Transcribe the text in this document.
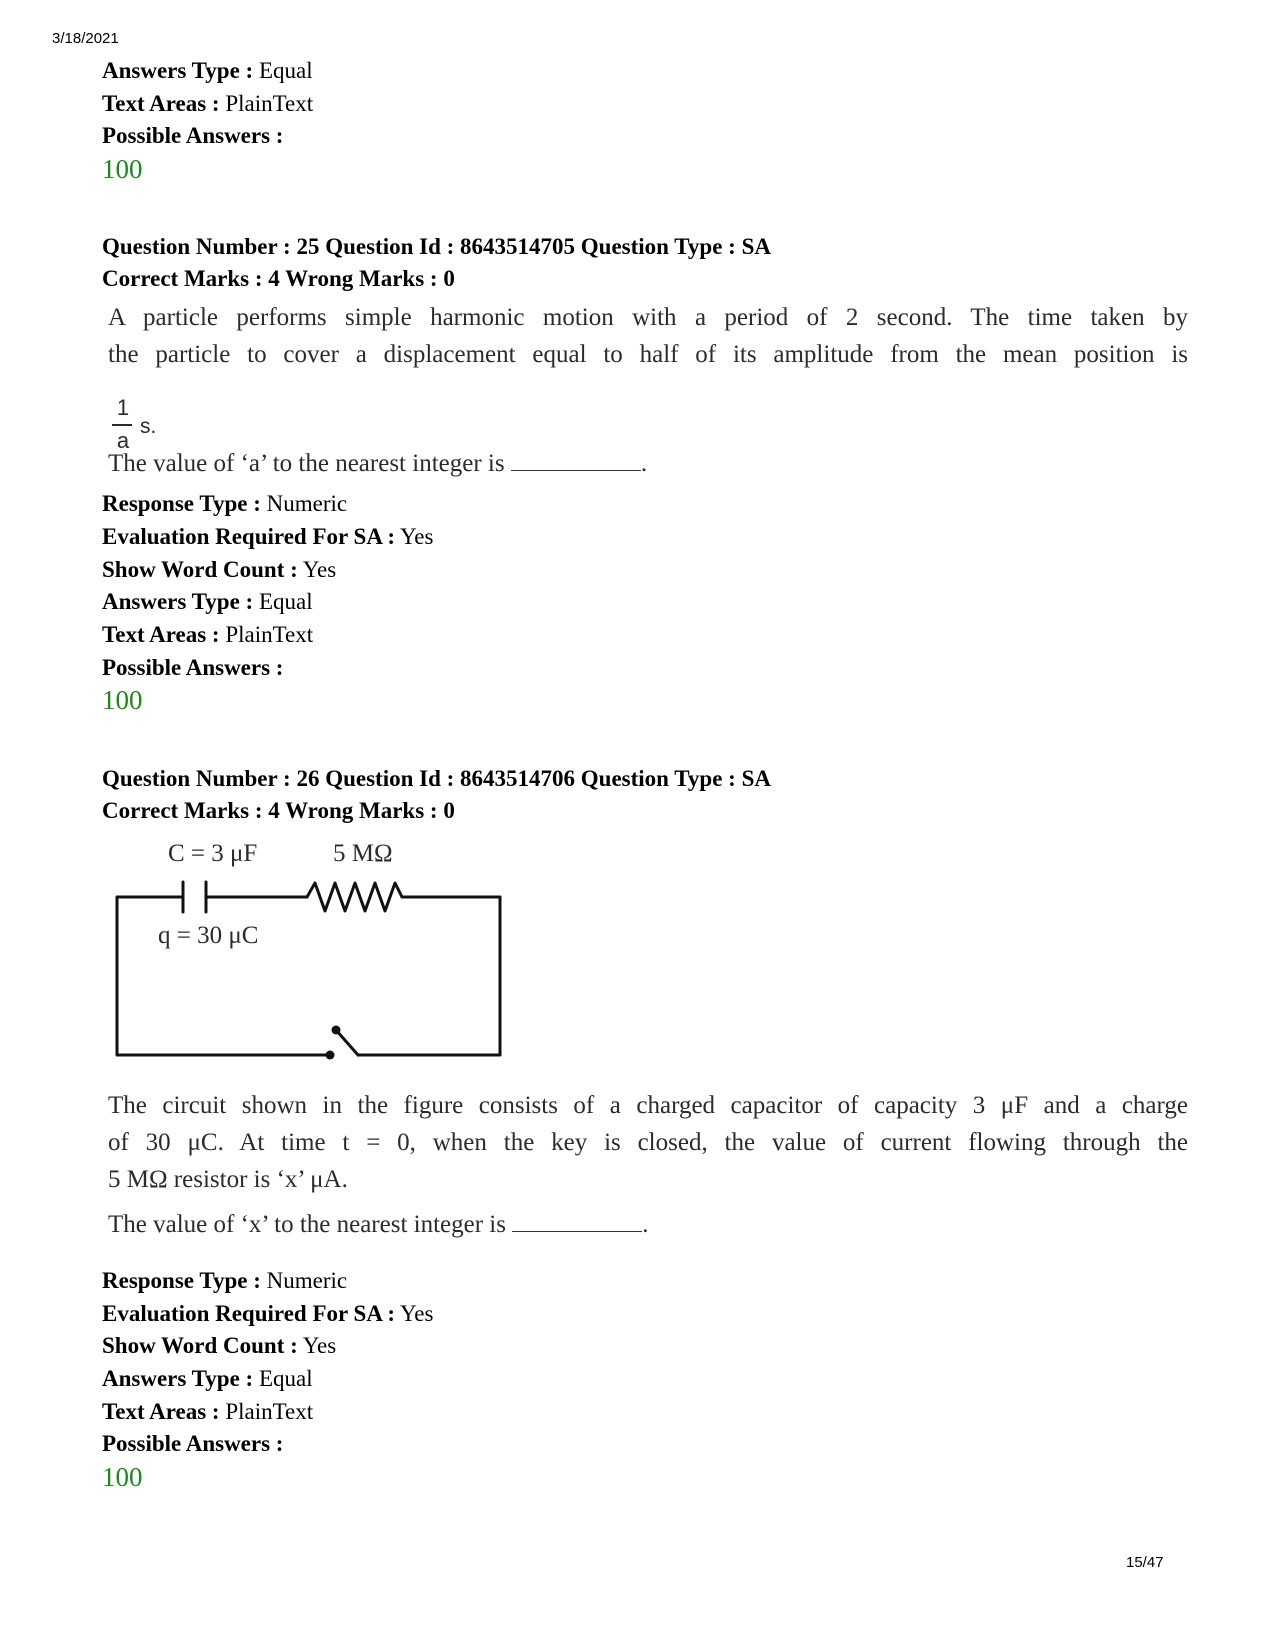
3/18/2021
Answers Type : Equal
Text Areas : PlainText
Possible Answers :
100
Question Number : 25 Question Id : 8643514705 Question Type : SA
Correct Marks : 4 Wrong Marks : 0
A particle performs simple harmonic motion with a period of 2 second. The time taken by
the particle to cover a displacement equal to half of its amplitude from the mean position is
1
a
s.
The value of ‘a’ to the nearest integer is	.
Response Type : Numeric
Evaluation Required For SA : Yes
Show Word Count : Yes
Answers Type : Equal
Text Areas : PlainText
Possible Answers :
100
Question Number : 26 Question Id : 8643514706 Question Type : SA
Correct Marks : 4 Wrong Marks : 0
C = 3 μF	5 MΩ
q = 30 μC
The circuit shown in the figure consists of a charged capacitor of capacity 3 μF and a charge
of 30 μC. At time t = 0, when the key is closed, the value of current flowing through the
5 MΩ resistor is ‘x’ μA.
The value of ‘x’ to the nearest integer is	.
Response Type : Numeric
Evaluation Required For SA : Yes
Show Word Count : Yes
Answers Type : Equal
Text Areas : PlainText
Possible Answers :
100
15/47
